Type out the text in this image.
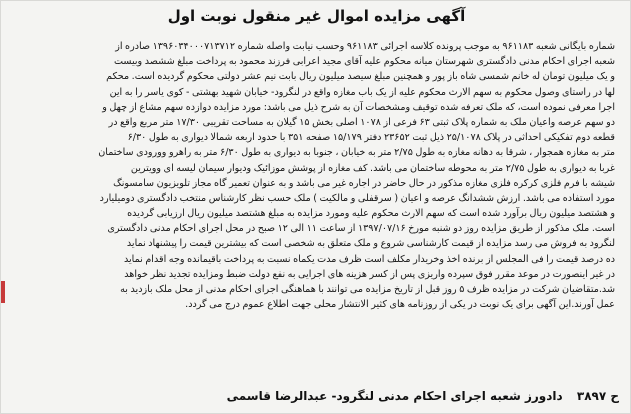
آگهی مزایده اموال غیر منقول نوبت اول
شماره بایگانی شعبه ۹۶۱۱۸۳ به موجب پرونده کلاسه اجرائی ۹۶۱۱۸۳ وحسب نیابت واصله شماره ۱۳۹۶۰۳۴۰۰۰۷۱۳۷۱۲ صادره از
شعبه اجرای احکام مدنی دادگستری شهرستان میانه محکوم علیه آقای مجید اعرابی فرزند محمود به پرداخت مبلغ ششصد وبیست
و یک میلیون تومان له خانم شمسی شاه باز پور و همچنین مبلغ سیصد میلیون ریال بابت نیم عشر دولتی محکوم گردیده است. محکم
لها در راستای وصول محکوم به سهم الارث محکوم علیه از یک باب مغازه واقع در لنگرود- خیابان شهید بهشتی - کوی یاسر را به این
اجرا معرفی نموده است، که ملک تعرفه شده توقیف ومشخصات آن به شرح ذیل می باشد: مورد مزایده دوازده سهم مشاع از چهل و
دو سهم عرصه واعیان ملک به شماره پلاک ثبتی ۶۳ فرعی از ۱۰۷۸ اصلی بخش ۱۵ گیلان به مساحت تقریبی ۱۷/۳۰ متر مربع واقع در
قطعه دوم تفکیکی احداثی در پلاک ۲۵/۱۰۷۸ ذیل ثبت ۲۳۶۵۲ دفتر ۱۵/۱۷۹ صفحه ۳۵۱ با حدود اربعه شمالا دیواری به طول ۶/۳۰
متر به مغازه همجوار ، شرقا به دهانه مغازه به طول ۲/۷۵ متر به خیابان ، جنوبا به دیواری به طول ۶/۳۰ متر به راهرو وورودی ساختمان
غربا به دیواری به طول ۲/۷۵ متر به محوطه ساختمان می باشد. کف مغازه از پوشش موزائیک ودیوار سیمان لیسه ای وویترین
شیشه با فرم فلزی کرکره فلزی مغازه مذکور در حال حاضر در اجاره غیر می باشد و به عنوان تعمیر گاه مجاز تلویزیون سامسونگ
مورد استفاده می باشد. ارزش ششدانگ عرصه و اعیان ( سرقفلی و مالکیت ) ملک حسب نظر کارشناس منتخب دادگستری دومیلیارد
و هشتصد میلیون ریال برآورد شده است که سهم الارث محکوم علیه ومورد مزایده به مبلغ هشتصد میلیون ریال ارزیابی گردیده
است. ملک مذکور از طریق مزایده روز دو شنبه مورخ ۱۳۹۷/۰۷/۱۶ از ساعت ۱۱ الی ۱۲ صبح در محل اجرای احکام مدنی دادگستری
لنگرود به فروش می رسد مزایده از قیمت کارشناسی شروع و ملک متعلق به شخصی است که بیشترین قیمت را پیشنهاد نماید
ده درصد قیمت را فی المجلس از برنده اخذ وخریدار مکلف است ظرف مدت یکماه نسبت به پرداخت باقیمانده وجه اقدام نماید
در غیر اینصورت در موعد مقرر فوق سپرده واریزی پس از کسر هزینه های اجرایی به نفع دولت ضبط ومزایده تجدید نظر خواهد
شد.متقاضیان شرکت در مزایده ظرف ۵ روز قبل از تاریخ مزایده می توانند با هماهنگی اجرای احکام مدنی از محل ملک بازدید به
عمل آورند.این آگهی برای یک نوبت در یکی از روزنامه های کثیر الانتشار محلی جهت اطلاع عموم درج می گردد.
ح ۳۸۹۷ دادورز شعبه اجرای احکام مدنی لنگرود- عبدالرضا قاسمی
